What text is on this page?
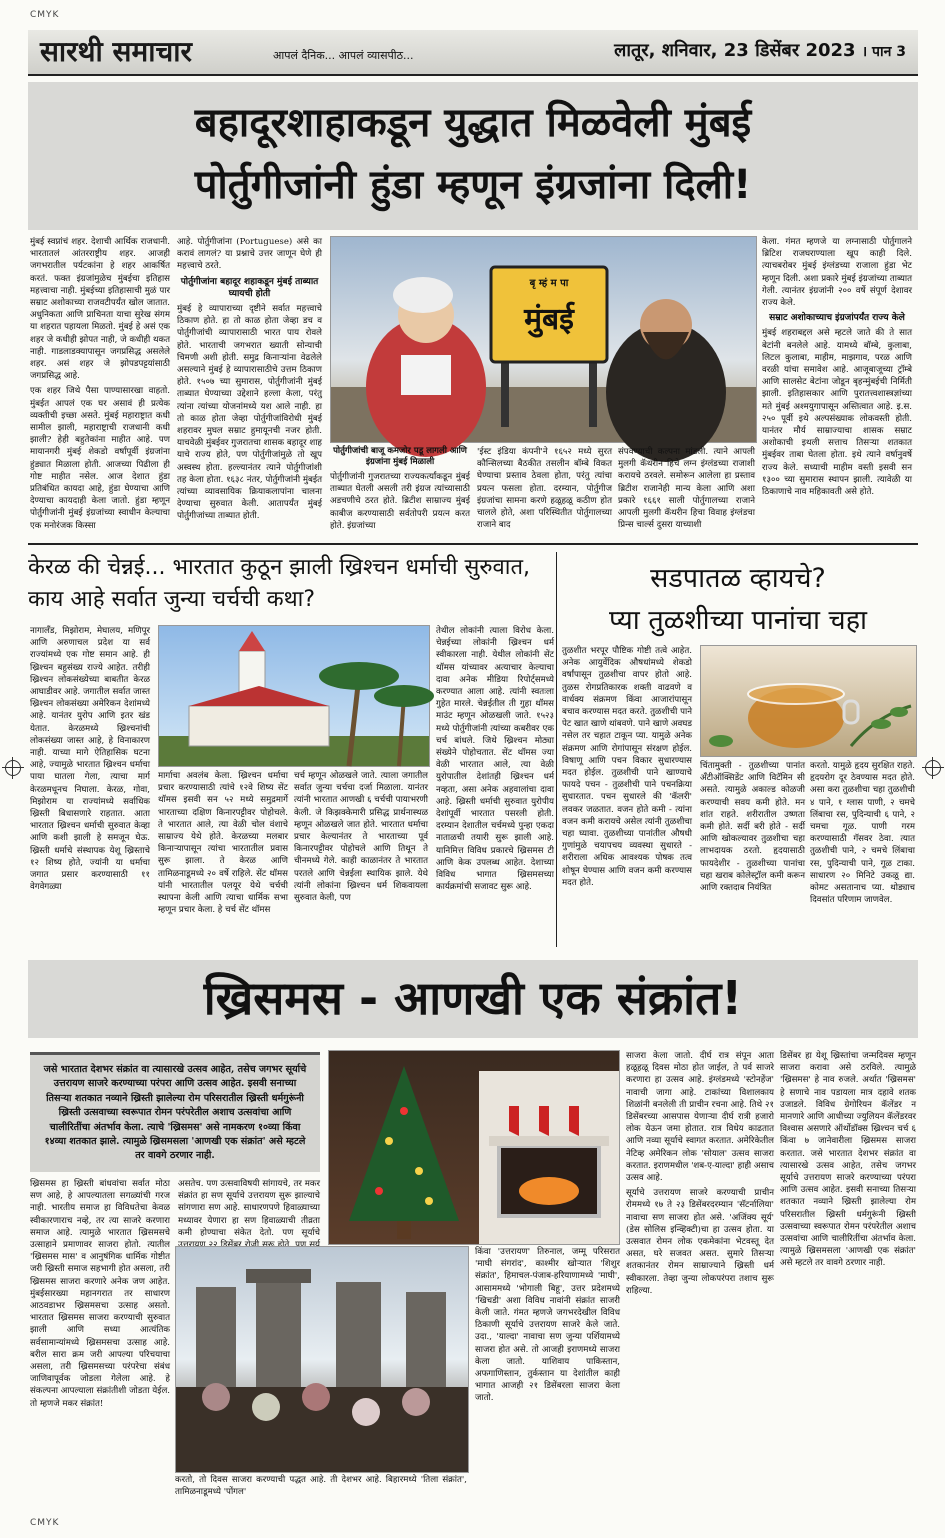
CMYK
CMYK
सारथी समाचार	आपलं दैनिक... आपलं व्यासपीठ...	लातूर, शनिवार, 23 डिसेंबर 2023 । पान 3
बहादूरशाहाकडून युद्धात मिळवेली मुंबई
पोर्तुगीजांनी हुंडा म्हणून इंग्रजांना दिली!

मुंबई स्वप्नांचं शहर. देशाची आर्थिक राजधानी. भारतातलं आंतरराष्ट्रीय शहर. आजही जगभरातील पर्यटकांना हे शहर आकर्षित करतं. फक्त इंग्रजांमुळेच मुंबईचा इतिहास महत्त्वाचा नाही. मुंबईच्या इतिहासाची मुळं पार सम्राट अशोकाच्या राजवटीपर्यंत खोल जातात. अधुनिकता आणि प्राचिनता याचा सुरेख संगम या शहरात पहायला मिळतो. मुंबई हे असं एक शहर जे कधीही झोपत नाही, जे कधीही थकत नाही. गाडलाडक्यापासून जगप्रसिद्ध असलेले शहर. असं शहर जे झोपडपट्टयांसाठी जगप्रसिद्ध आहे.

एक शहर जिथे पैसा पाण्यासारखा वाहतो. मुंबईत आपलं एक घर असावं ही प्रत्येक व्यक्तीची इच्छा असते. मुंबई महाराष्ट्रात कधी सामील झाली, महाराष्ट्राची राजधानी कधी झाली? हेही बहुतेकांना माहीत आहे. पण मायानगरी मुंबई शेकडो वर्षांपूर्वी इंग्रजांना हुंड्यात मिळाला होती. आजच्या पिढीला ही गोष्ट माहीत नसेल. आज देशात हुंडा प्रतिबंधित कायदा आहे, हुंडा घेण्याचा आणि देण्याचा कायदाही केला जातो. हुंडा म्हणून पोर्तुगीजांनी मुंबई इंग्रजांच्या स्वाधीन केल्याचा एक मनोरंजक किस्सा

आहे. पोर्तुगीजांना (Portuguese) असे का करावं लागलं? या प्रश्नाचे उत्तर जाणून घेणे ही महत्त्वाचे ठरते.

पोर्तुगीजांना बहादूर शहाकडून मुंबई ताब्यात घ्यायची होती

मुंबई हे व्यापाराच्या दृष्टीने सर्वात महत्त्वाचे ठिकाण होते. हा तो काळ होता जेव्हा डच व पोर्तुगीजांची व्यापारासाठी भारत पाय रोवले होते. भारताची जगभरात ख्याती सोन्याची चिमणी अशी होती. समुद्र किनाऱ्यांना वेढलेले असल्याने मुंबई हे व्यापारासाठीचे उत्तम ठिकाण होते. १५०७ च्या सुमारास, पोर्तुगीजांनी मुंबई ताब्यात घेण्याच्या उद्देशाने हल्ला केला, परंतु त्यांना त्यांच्या योजनांमध्ये यश आले नाही. हा तो काळ होता जेव्हा पोर्तुगीजांविरोधी मुंबई शहरावर मुघल सम्राट हुमायूनची नजर होती. याचवेळी मुंबईवर गुजरातचा शासक बहादूर शाह याचे राज्य होते, पण पोर्तुगीजांमुळे तो खूप अस्वस्थ होता. हल्ल्यानंतर त्याने पोर्तुगीजांशी तह केला होता. १६३८ नंतर, पोर्तुगीजांनी मुंबईत त्यांच्या व्यावसायिक क्रियाकलापांना चालना देण्याचा सुरुवात केली. आतापर्यंत मुंबई पोर्तुगीजांच्या ताब्यात होती.

बृ म्हं म पा
मुंबई

पोर्तुगीजांची बाजू कमजोर पडू लागली आणि इंग्रजांना मुंबई मिळाली

पोर्तुगीजांनी गुजरातच्या राज्यकर्त्यांकडून मुंबई ताब्यात घेतली असली तरी इंग्रज त्यांच्यासाठी अडचणीचे ठरत होते. ब्रिटीश साम्राज्य मुंबई काबीज करण्यासाठी सर्वतोपरी प्रयत्न करत होते. इंग्रजांच्या

'ईस्ट इंडिया कंपनी'ने १६५२ मध्ये सुरत कौन्सिलच्या बैठकीत तसलीन बॉम्बे विकत घेण्याचा प्रस्ताव ठेवला होता, परंतु त्यांचा प्रयत्न फसला होता. दरम्यान, पोर्तुगीज इंग्रजांचा सामना करणे हळूहळू कठीण होत चालले होते, अशा परिस्थितीत पोर्तुगालच्या राजाने बाद

संपवण्याची कल्पना मांडली. त्याने आपली मुलगी कॅथरीन हिचे लग्न इंग्लंडच्या राजाशी करायचे ठरवले. समोरून आलेला हा प्रस्ताव ब्रिटीश राजानेही मान्य केला आणि अशा प्रकारे १६६१ साली पोर्तुगालच्या राजाने आपली मुलगी कॅथरीन हिचा विवाह इंग्लंडचा प्रिन्स चार्ल्स दुसरा याच्याशी

केला. गंमत म्हणजे या लग्नासाठी पोर्तुगालने ब्रिटिश राजघराण्याला खूप काही दिले. त्याचबरोबर मुंबई इंग्लंडच्या राजाला हुंडा भेट म्हणून दिली. अशा प्रकारे मुंबई इंग्रजांच्या ताब्यात गेली. त्यानंतर इंग्रजांनी २०० वर्षे संपूर्ण देशावर राज्य केले.

सम्राट अशोकाच्याच इंग्रजांपर्यंत राज्य केले

मुंबई शहराबद्दल असे म्हटले जाते की ते सात बेटांनी बनलेले आहे. यामध्ये बॉम्बे, कुलाबा, लिटल कुलाबा, माहीम, माझगाव, परळ आणि वरळी यांचा समावेश आहे. आजूबाजूच्या ट्रॉम्बे आणि सालसेट बेटांना जोडून बृहन्मुंबईची निर्मिती झाली. इतिहासकार आणि पुरातत्त्वशास्त्रज्ञांच्या मते मुंबई अश्मयुगापासून अस्तित्वात आहे. इ.स. २५० पूर्वी इथे अल्पसंख्याक लोकवस्ती होती. यानंतर मौर्य साम्राज्याचा शासक सम्राट अशोकाची इथली सत्ताच तिसऱ्या शतकात मुंबईवर ताबा घेतला होता. इथे त्याने वर्षानुवर्षे राज्य केले. सध्याची माहीम वस्ती इसवी सन १३०० च्या सुमारास स्थापन झाली. त्यावेळी या ठिकाणाचे नाव महिकावती असे होते.

केरळ की चेन्नई... भारतात कुठून झाली ख्रिश्चन धर्माची सुरुवात, काय आहे सर्वात जुन्या चर्चची कथा?

नागालँड, मिझोराम, मेघालय, मणिपूर आणि अरुणाचल प्रदेश या सर्व राज्यांमध्ये एक गोष्ट समान आहे. ही ख्रिश्चन बहुसंख्य राज्ये आहेत. तरीही ख्रिश्चन लोकसंख्येच्या बाबतीत केरळ आघाडीवर आहे. जगातील सर्वात जास्त ख्रिश्चन लोकसंख्या अमेरिकन देशांमध्ये आहे. यानंतर युरोप आणि इतर खंड येतात. केरळमध्ये ख्रिश्चनांची लोकसंख्या जास्त आहे, हे विनाकारण नाही. याच्या मागे ऐतिहासिक घटना आहे, ज्यामुळे भारतात ख्रिश्चन धर्माचा पाया घातला गेला, त्याचा मार्ग केरळमधूनच निघाला. केरळ, गोवा, मिझोराम या राज्यांमध्ये सर्वाधिक ख्रिस्ती बिधासणारे राहतात. आता भारतात ख्रिश्चन धर्माची सुरुवात केव्हा आणि कशी झाली हे समजून घेऊ. ख्रिस्ती धर्माचे संस्थापक येशू ख्रिस्ताचे १२ शिष्य होते, ज्यांनी या धर्माचा जगात प्रसार करण्यासाठी ११ वेगवेगळ्या

मार्गाचा अवलंब केला. ख्रिश्चन धर्माचा प्रचार करण्यासाठी त्यांचे १२वे शिष्य सेंट थॉमस इसवी सन ५२ मध्ये समुद्रमार्गे भारताच्या दक्षिण किनारपट्टीवर पोहोचले. ते भारतात आले, त्या वेळी चोल वंशाचे साम्राज्य येथे होते. केरळच्या मलबार किनाऱ्यापासून त्यांचा भारतातील प्रवास सुरू झाला. ते केरळ आणि तामिळनाडूमध्ये २० वर्षे राहिले. सेंट थॉमस यांनी भारतातील पलयूर येथे चर्चची स्थापना केली आणि त्याचा धार्मिक सभा म्हणून प्रचार केला. हे चर्च सेंट थॉमस

चर्च म्हणून ओळखले जाते. त्याला जगातील सर्वात जुन्या चर्चचा दर्जा मिळाला. यानंतर त्यांनी भारतात आणखी ६ चर्चची पायाभरणी केली. जे किझक्केमारी प्रसिद्ध प्रार्थनास्थळ म्हणून ओळखले जात होते. भारतात धर्माचा प्रचार केल्यानंतर ते भारताच्या पूर्व किनारपट्टीवर पोहोचले आणि तिथून ते चीनमध्ये गेले. काही काळानंतर ते भारतात परतले आणि चेन्नईला स्थायिक झाले. येथे त्यांनी लोकांना ख्रिश्चन धर्म शिकवायला सुरुवात केली, पण

तेथील लोकांनी त्याला विरोध केला. चेन्नईच्या लोकांनी ख्रिश्चन धर्म स्वीकारला नाही. येथील लोकांनी सेंट थॉमस यांच्यावर अत्याचार केल्याचा दावा अनेक मीडिया रिपोर्ट्समध्ये करण्यात आला आहे. त्यांनी स्वतःला गुहेत मारले. चेन्नईतील ती गुहा थॉमस माउंट म्हणून ओळखली जाते. १५२३ मध्ये पोर्तुगीजांनी त्यांच्या कबरीवर एक चर्च बांधले. जिथे ख्रिश्चन मोठ्या संख्येने पोहोचतात. सेंट थॉमस ज्या वेळी भारतात आले, त्या वेळी युरोपातील देशांतही ख्रिश्चन धर्म नव्हता, असा अनेक अहवालांचा दावा आहे. ख्रिस्ती धर्माची सुरुवात युरोपीय देशांपूर्वी भारतात पसरली होती. दरम्यान देशातील चर्चमध्ये पुन्हा एकदा नाताळची तयारी सुरू झाली आहे. यानिमित्त विविध प्रकारचे ख्रिसमस टी आणि केक उपलब्ध आहेत. देशाच्या विविध भागात ख्रिसमसच्या कार्यक्रमांची सजावट सुरू आहे.

सडपातळ व्हायचे?
प्या तुळशीच्या पानांचा चहा

तुळशीत भरपूर पौष्टिक गोष्टी तत्वे आहेत. अनेक आयुर्वेदिक औषधांमध्ये शेकडो वर्षांपासून तुळशीचा वापर होतो आहे. तुळस रोगप्रतिकारक शक्ती वाढवणे व वार्धक्य संक्रमण किंवा आजारांपासून बचाव करण्यास मदत करते. तुळशीची पाने पेट खात खाणे थांबवणे. पाने खाणे अवघड नसेल तर चहात टाकून प्या. यामुळे अनेक संक्रमण आणि रोगांपासून संरक्षण होईल. विषाणू आणि पचन विकार सुधारण्यास मदत होईल. तुळशीची पाने खाण्याचे फायदे पचन - तुळशीची पाने पचनक्रिया सुधारतात. पचन सुधारले की 'कॅलरी' लवकर जळतात. वजन होते कमी - त्यांना वजन कमी करायचे असेल त्यांनी तुळशीचा चहा घ्यावा. तुळशीच्या पानांतील औषधी गुणांमुळे चयापचय व्यवस्था सुधारते - शरीराला अधिक आवश्यक पोषक तत्व शोषून घेण्यास आणि वजन कमी करण्यास मदत होते.

चिंतामुक्ती - तुळशीच्या पानांत अँटीऑक्सिडेंट आणि विटॅमिन सी असते. त्यामुळे अकाल्ड कोळजी करण्याची सवय कमी होते. मन शांत राहते. शरीरातील उष्णता कमी होते. सर्दी बरी होते - सर्दी आणि खोकल्यावर तुळशीचा चहा लाभदायक ठरतो. हृदयासाठी फायदेशीर - तुळशीच्या पानांचा चहा खराब कोलेस्ट्रॉल कमी करून आणि रक्तदाब नियंत्रित

करतो. यामुळे हृदय सुरक्षित राहते. हृदयरोग दूर ठेवण्यास मदत होते. असा करा तुळशीचा चहा तुळशीची ४ पाने, १ ग्लास पाणी, २ चमचे लिंबाचा रस, पुदिन्याची ६ पाने, २ चमचा गूळ. पाणी गरम करण्यासाठी गॅसवर ठेवा. त्यात तुळशीची पाने, २ चमचे लिंबाचा रस, पुदिन्याची पाने, गूळ टाका. साधारण २० मिनिटे उकळू द्या. कोमट असतानाच प्या. थोड्याच दिवसांत परिणाम जाणवेल.

ख्रिसमस - आणखी एक संक्रांत!
जसे भारतात देशभर संक्रांत वा त्यासारखे उत्सव आहेत, तसेच जगभर सूर्याचे उत्तरायण साजरे करण्याच्या परंपरा आणि उत्सव आहेत. इसवी सनाच्या तिसऱ्या शतकात नव्याने ख्रिस्ती झालेल्या रोम परिसरातील ख्रिस्ती धर्मगुरूंनी ख्रिस्ती उत्सवाच्या स्वरूपात रोमन परंपरेतील अशाच उत्सवांचा आणि चालीरितींचा अंतर्भाव केला. त्याचे 'ख्रिसमस' असे नामकरण १०व्या किंवा १४व्या शतकात झाले. त्यामुळे ख्रिसमसला 'आणखी एक संक्रांत' असे म्हटले तर वावगे ठरणार नाही.

ख्रिसमस हा ख्रिस्ती बांधवांचा सर्वात मोठा सण आहे, हे आपल्यातला सगळ्यांची गरज नाही. भारतीय समाज हा विविधतेचा केवळ स्वीकारणाराच नव्हे, तर त्या साजरे करणारा समाज आहे. त्यामुळे भारतात ख्रिसमसचे उत्साहाने प्रमाणावर साजरा होतो. त्यातील 'ख्रिसमस मास' व आनुषंगिक धार्मिक गोष्टीत जरी ख्रिस्ती समाज सहभागी होत असला, तरी ख्रिसमस साजरा करणारे अनेक जण आहेत. मुंबईसारख्या महानगरात तर साधारण आठवडाभर ख्रिसमसचा उत्साह असतो. भारतात ख्रिसमस साजरा करण्याची सुरुवात झाली आणि सध्या आत्यंतिक सर्वसामान्यांमध्ये ख्रिसमसचा उत्साह आहे. बरील सारा क्रम जरी आपल्या परिचयाचा असला, तरी ख्रिसमसच्या परंपरेचा संबंध जाणिवापूर्वक जोडला गेलेला आहे. हे संकल्पना आपल्याला संक्रांतीशी जोडता येईल. तो म्हणजे मकर संक्रांत!

असतेच. पण उत्सवाविषयी सांगायचे, तर मकर संक्रांत हा सण सूर्याचे उत्तरायण सुरू झाल्याचे सांगणारा सण आहे. साधारणपणे हिवाळ्याच्या मध्यावर येणारा हा सण हिवाळ्याची तीव्रता कमी होण्याचा संकेत देतो. पण सूर्याचे

करतो, तो दिवस साजरा करण्याची पद्धत आहे. ती देशभर आहे. बिहारमध्ये 'तिला संक्रांत', तामिळनाडूमध्ये 'पोंगल'

किंवा 'उत्तरायण' तिरुनाल, जम्मू परिसरात 'माघी संगरांद', काश्मीर खोऱ्यात 'शिशुर संक्रांत', हिमाचल-पंजाब-हरियाणामध्ये 'माघी', आसाममध्ये 'भोगाली बिहू', उत्तर प्रदेशमध्ये 'खिचडी' अशा विविध नावांनी संक्रांत साजरी केली जाते. गंमत म्हणजे जगभरदेखील विविध ठिकाणी सूर्याचे उत्तरायण साजरे केले जाते. उदा., 'याल्दा' नावाचा सण जुन्या पर्शियामध्ये साजरा होत असे. तो आजही इराणमध्ये साजरा केला जातो. याशिवाय पाकिस्तान, अफगाणिस्तान, तुर्कस्तान या देशांतील काही भागात आजही २१ डिसेंबरला साजरा केला जातो.

साजरा केला जातो. दीर्घ रात्र संपून आता हळूहळू दिवस मोठा होत जाईल, ते पर्व साजरे करणारा हा उत्सव आहे. इंग्लंडमध्ये 'स्टोनहेंज' नावाची जागा आहे. टाकांच्या विशालकाय शिळांनी बनलेली ती प्राचीन रचना आहे. तिथे २१ डिसेंबरच्या आसपास येणाऱ्या दीर्घ रात्री हजारो लोक येऊन जमा होतात. रात्र विधेय काढतात आणि नव्या सूर्याचे स्वागत करतात. अमेरिकेतील नेटिव्ह अमेरिकन लोक 'सोयाल' उत्सव साजरा करतात. इराणमधील 'शब-ए-याल्दा' हाही असाच उत्सव आहे.

सूर्याचे उत्तरायण साजरे करण्याची प्राचीन रोममध्ये १७ ते २३ डिसेंबरदरम्यान 'सॅटर्नालिया' नावाचा सण साजरा होत असे. 'अजिंक्य सूर्य' (डेस सोलिस इन्व्हिक्टी)चा हा उत्सव होता. या उत्सवात रोमन लोक एकमेकांना भेटवस्तू देत असत, घरे सजवत असत. सुमारे तिसऱ्या शतकानंतर रोमन साम्राज्याने ख्रिस्ती धर्म स्वीकारला. तेव्हा जुन्या लोकपरंपरा तशाच सुरू राहिल्या.

डिसेंबर हा येशू ख्रिस्तांचा जन्मदिवस म्हणून साजरा करावा असे ठरविले. त्यामुळे 'ख्रिसमस' हे नाव रुजले. अर्थात 'ख्रिसमस' हे सणाचे नाव पडायला मात्र दहावे शतक उजाडले. विविध ग्रेगोरियन कॅलेंडर न मानणारे आणि आधीच्या ज्युलियन कॅलेंडरवर विश्वास असणारे ऑर्थोडॉक्स ख्रिश्चन चर्च ६ किंवा ७ जानेवारीला ख्रिसमस साजरा करतात. जसे भारतात देशभर संक्रांत वा त्यासारखे उत्सव आहेत, तसेच जगभर सूर्याचे उत्तरायण साजरे करण्याच्या परंपरा आणि उत्सव आहेत. इसवी सनाच्या तिसऱ्या शतकात नव्याने ख्रिस्ती झालेल्या रोम परिसरातील ख्रिस्ती धर्मगुरूंनी ख्रिस्ती उत्सवाच्या स्वरूपात रोमन परंपरेतील अशाच उत्सवांचा आणि चालीरितींचा अंतर्भाव केला. त्यामुळे ख्रिसमसला 'आणखी एक संक्रांत' असे म्हटले तर वावगे ठरणार नाही.
